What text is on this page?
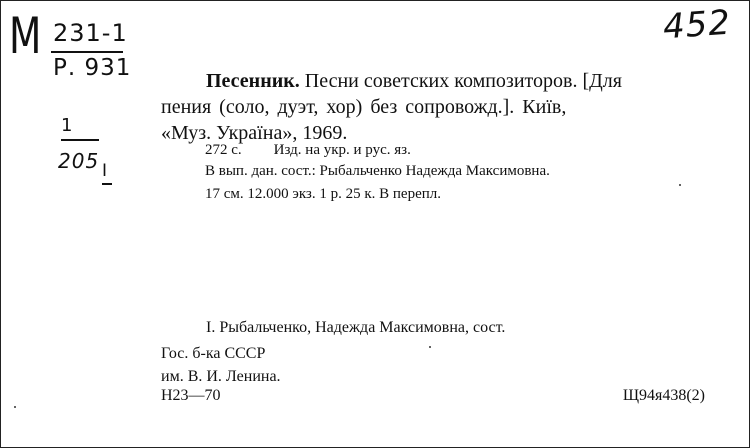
М 231-1
Р. 931
452
1
205 I
Песенник. Песни советских композиторов. [Для
пения (соло, дуэт, хор) без сопровожд.]. Київ,
«Муз. Україна», 1969.
272 с. Изд. на укр. и рус. яз.
В вып. дан. сост.: Рыбальченко Надежда Максимовна.
17 см. 12.000 экз. 1 р. 25 к. В перепл.
I. Рыбальченко, Надежда Максимовна, сост.
Гос. б-ка СССР
им. В. И. Ленина.
Н23—70	Щ94я438(2)
